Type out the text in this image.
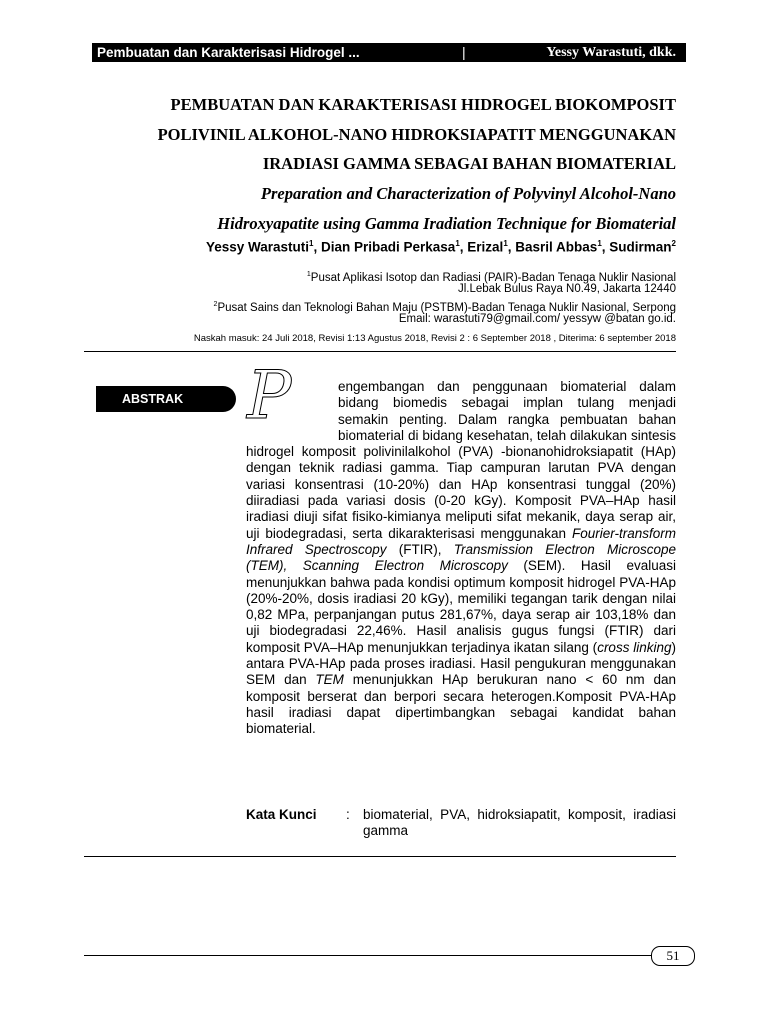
Pembuatan dan Karakterisasi Hidrogel ...	|	Yessy Warastuti, dkk.
PEMBUATAN DAN KARAKTERISASI HIDROGEL BIOKOMPOSIT
POLIVINIL ALKOHOL-NANO HIDROKSIAPATIT MENGGUNAKAN
IRADIASI GAMMA SEBAGAI BAHAN BIOMATERIAL
Preparation and Characterization of Polyvinyl Alcohol-Nano
Hidroxyapatite using Gamma Iradiation Technique for Biomaterial
Yessy Warastuti$^1$, Dian Pribadi Perkasa$^1$, Erizal$^1$, Basril Abbas$^1$, Sudirman$^2$
$^1$Pusat Aplikasi Isotop dan Radiasi (PAIR)-Badan Tenaga Nuklir Nasional
Jl.Lebak Bulus Raya N0.49, Jakarta 12440
$^2$Pusat Sains dan Teknologi Bahan Maju (PSTBM)-Badan Tenaga Nuklir Nasional, Serpong
Email: warastuti79@gmail.com/ yessyw @batan go.id.
Naskah masuk: 24 Juli 2018, Revisi 1:13 Agustus 2018, Revisi 2 : 6 September 2018 , Diterima: 6 september 2018
ABSTRAK P	engembangan dan penggunaan biomaterial dalam bidang biomedis sebagai implan tulang menjadi semakin penting. Dalam rangka pembuatan bahan biomaterial di bidang kesehatan, telah dilakukan sintesis hidrogel komposit polivinilalkohol (PVA) -bionanohidroksiapatit (HAp) dengan teknik radiasi gamma. Tiap campuran larutan PVA dengan variasi konsentrasi (10-20%) dan HAp konsentrasi tunggal (20%) diiradiasi pada variasi dosis (0-20 kGy). Komposit PVA–HAp hasil iradiasi diuji sifat fisiko-kimianya meliputi sifat mekanik, daya serap air, uji biodegradasi, serta dikarakterisasi menggunakan Fourier-transform Infrared Spectroscopy (FTIR), Transmission Electron Microscope (TEM), Scanning Electron Microscopy (SEM). Hasil evaluasi menunjukkan bahwa pada kondisi optimum komposit hidrogel PVA-HAp (20%-20%, dosis iradiasi 20 kGy), memiliki tegangan tarik dengan nilai 0,82 MPa, perpanjangan putus 281,67%, daya serap air 103,18% dan uji biodegradasi 22,46%. Hasil analisis gugus fungsi (FTIR) dari komposit PVA–HAp menunjukkan terjadinya ikatan silang (cross linking) antara PVA-HAp pada proses iradiasi. Hasil pengukuran menggunakan SEM dan TEM menunjukkan HAp berukuran nano < 60 nm dan komposit berserat dan berpori secara heterogen.Komposit PVA-HAp hasil iradiasi dapat dipertimbangkan sebagai kandidat bahan biomaterial.
Kata Kunci : biomaterial, PVA, hidroksiapatit, komposit, iradiasi gamma
51
